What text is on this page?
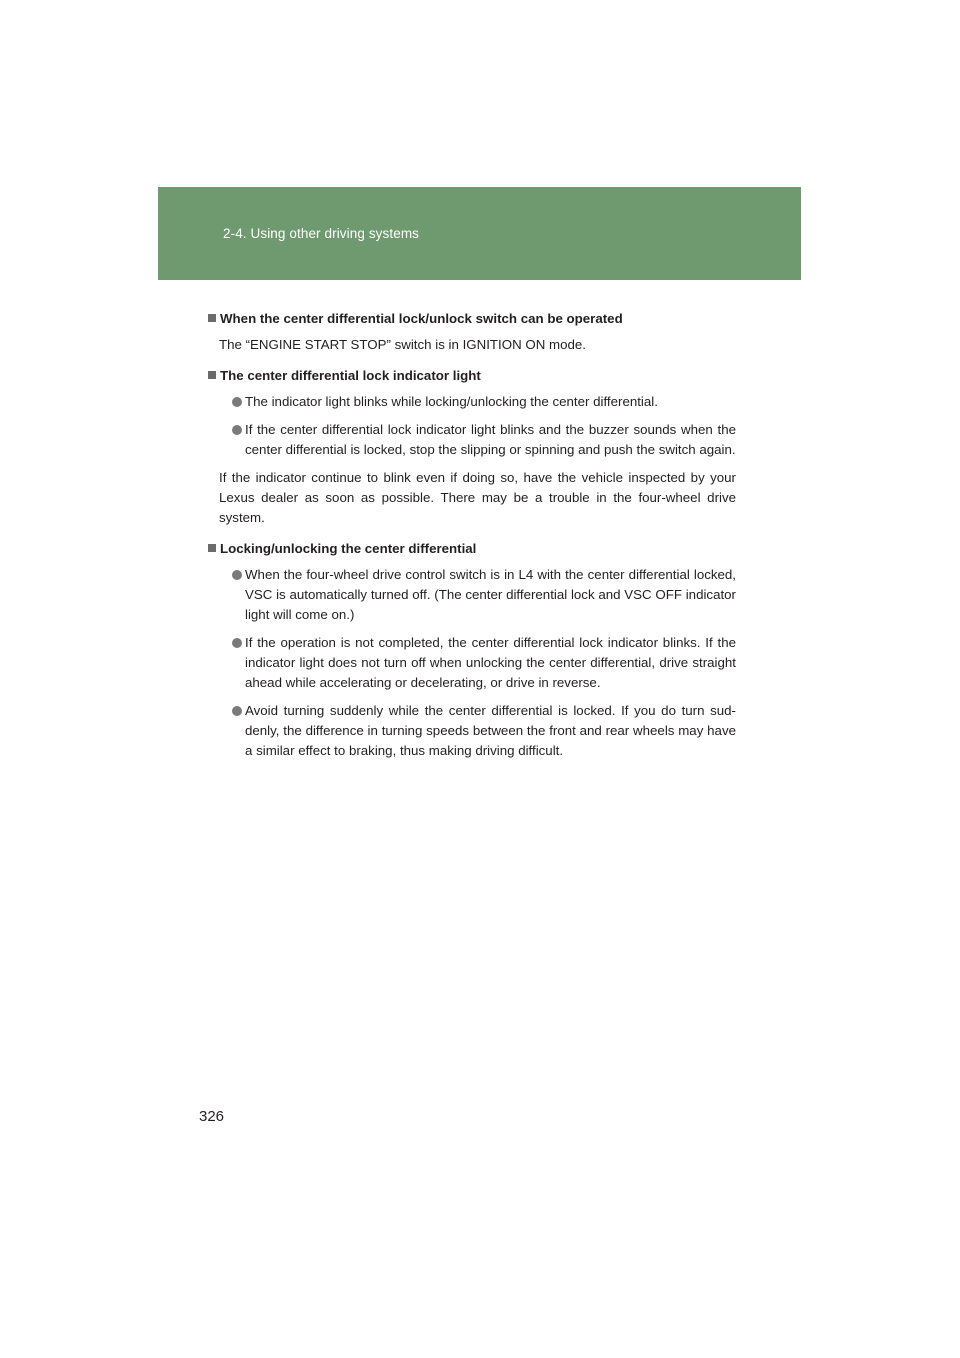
2-4. Using other driving systems
When the center differential lock/unlock switch can be operated

The “ENGINE START STOP” switch is in IGNITION ON mode.

The center differential lock indicator light
The indicator light blinks while locking/unlocking the center differential.
If the center differential lock indicator light blinks and the buzzer sounds when the center differential is locked, stop the slipping or spinning and push the switch again.

If the indicator continue to blink even if doing so, have the vehicle inspected by your Lexus dealer as soon as possible. There may be a trouble in the four-wheel drive system.

Locking/unlocking the center differential
When the four-wheel drive control switch is in L4 with the center differential locked, VSC is automatically turned off. (The center differential lock and VSC OFF indicator light will come on.)
If the operation is not completed, the center differential lock indicator blinks. If the indicator light does not turn off when unlocking the center differential, drive straight ahead while accelerating or decelerating, or drive in reverse.
Avoid turning suddenly while the center differential is locked. If you do turn sud-denly, the difference in turning speeds between the front and rear wheels may have a similar effect to braking, thus making driving difficult.
326
